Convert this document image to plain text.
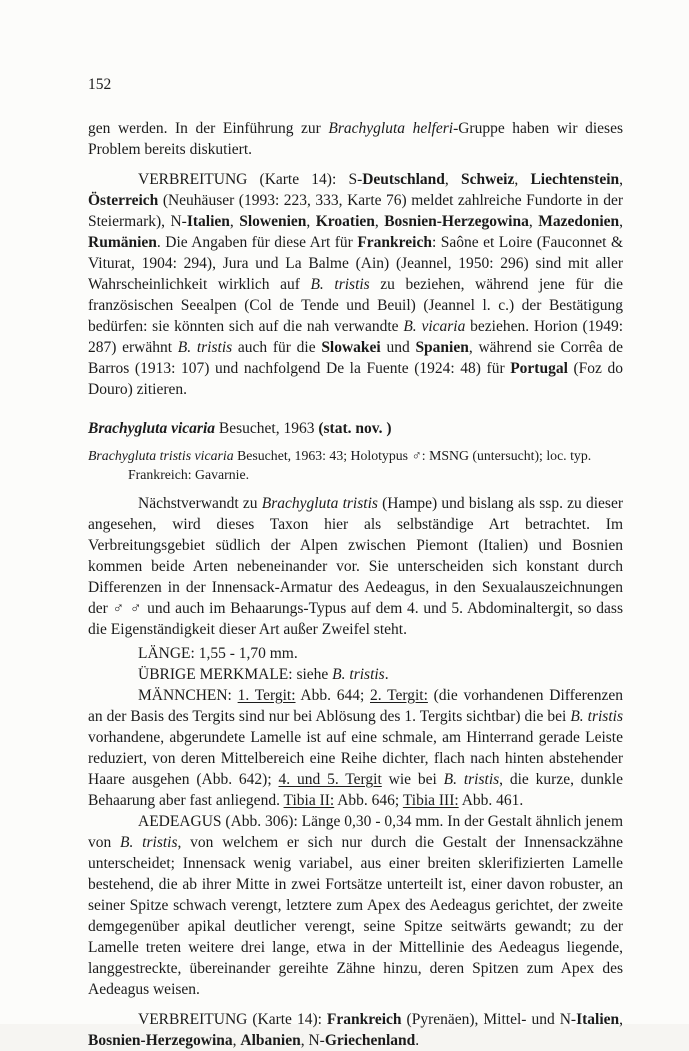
152

gen werden. In der Einführung zur Brachygluta helferi-Gruppe haben wir dieses Problem bereits diskutiert.

VERBREITUNG (Karte 14): S-Deutschland, Schweiz, Liechtenstein, Österreich (Neuhäuser (1993: 223, 333, Karte 76) meldet zahlreiche Fundorte in der Steiermark), N-Italien, Slowenien, Kroatien, Bosnien-Herzegowina, Mazedonien, Rumänien. Die Angaben für diese Art für Frankreich: Saône et Loire (Fauconnet & Viturat, 1904: 294), Jura und La Balme (Ain) (Jeannel, 1950: 296) sind mit aller Wahrscheinlichkeit wirklich auf B. tristis zu beziehen, während jene für die französischen Seealpen (Col de Tende und Beuil) (Jeannel l. c.) der Bestätigung bedürfen: sie könnten sich auf die nah verwandte B. vicaria beziehen. Horion (1949: 287) erwähnt B. tristis auch für die Slowakei und Spanien, während sie Corrêa de Barros (1913: 107) und nachfolgend De la Fuente (1924: 48) für Portugal (Foz do Douro) zitieren.

Brachygluta vicaria Besuchet, 1963 (stat. nov. )

Brachygluta tristis vicaria Besuchet, 1963: 43; Holotypus ♂: MSNG (untersucht); loc. typ. Frankreich: Gavarnie.

Nächstverwandt zu Brachygluta tristis (Hampe) und bislang als ssp. zu dieser angesehen, wird dieses Taxon hier als selbständige Art betrachtet. Im Verbreitungsgebiet südlich der Alpen zwischen Piemont (Italien) und Bosnien kommen beide Arten nebeneinander vor. Sie unterscheiden sich konstant durch Differenzen in der Innensack-Armatur des Aedeagus, in den Sexualauszeichnungen der ♂ ♂ und auch im Behaarungs-Typus auf dem 4. und 5. Abdominaltergit, so dass die Eigenständigkeit dieser Art außer Zweifel steht.

LÄNGE: 1,55 - 1,70 mm.

ÜBRIGE MERKMALE: siehe B. tristis.

MÄNNCHEN: 1. Tergit: Abb. 644; 2. Tergit: (die vorhandenen Differenzen an der Basis des Tergits sind nur bei Ablösung des 1. Tergits sichtbar) die bei B. tristis vorhandene, abgerundete Lamelle ist auf eine schmale, am Hinterrand gerade Leiste reduziert, von deren Mittelbereich eine Reihe dichter, flach nach hinten abstehender Haare ausgehen (Abb. 642); 4. und 5. Tergit wie bei B. tristis, die kurze, dunkle Behaarung aber fast anliegend. Tibia II: Abb. 646; Tibia III: Abb. 461.

AEDEAGUS (Abb. 306): Länge 0,30 - 0,34 mm. In der Gestalt ähnlich jenem von B. tristis, von welchem er sich nur durch die Gestalt der Innensackzähne unterscheidet; Innensack wenig variabel, aus einer breiten sklerifizierten Lamelle bestehend, die ab ihrer Mitte in zwei Fortsätze unterteilt ist, einer davon robuster, an seiner Spitze schwach verengt, letztere zum Apex des Aedeagus gerichtet, der zweite demgegenüber apikal deutlicher verengt, seine Spitze seitwärts gewandt; zu der Lamelle treten weitere drei lange, etwa in der Mittellinie des Aedeagus liegende, langgestreckte, übereinander gereihte Zähne hinzu, deren Spitzen zum Apex des Aedeagus weisen.

VERBREITUNG (Karte 14): Frankreich (Pyrenäen), Mittel- und N-Italien, Bosnien-Herzegowina, Albanien, N-Griechenland.
